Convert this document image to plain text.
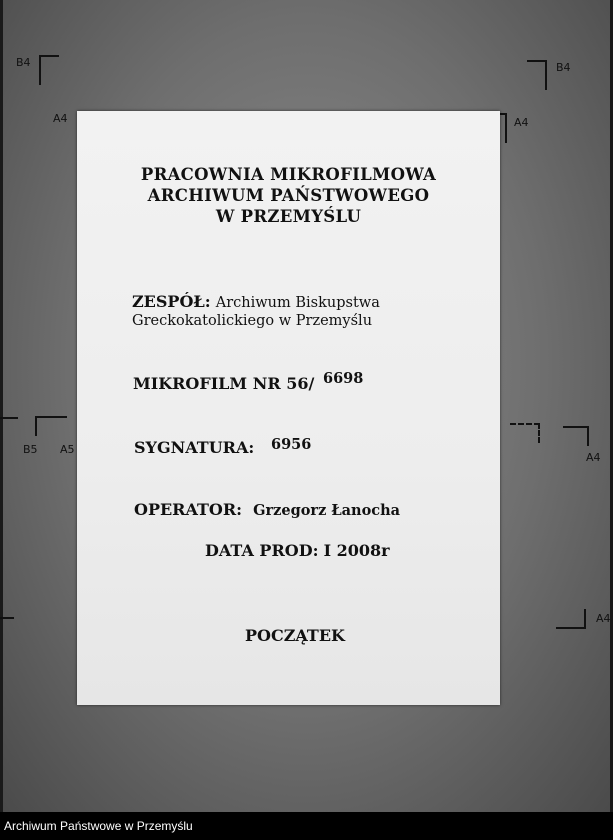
B4	B4
A4	A4
B5 A5
A4
A4
PRACOWNIA MIKROFILMOWA
ARCHIWUM PAŃSTWOWEGO
W PRZEMYŚLU
ZESPÓŁ: Archiwum Biskupstwa
Greckokatolickiego w Przemyślu
MIKROFILM NR 56/ 6698
SYGNATURA: 6956
OPERATOR: Grzegorz Łanocha
DATA PROD: I 2008r
POCZĄTEK
Archiwum Państwowe w Przemyślu
